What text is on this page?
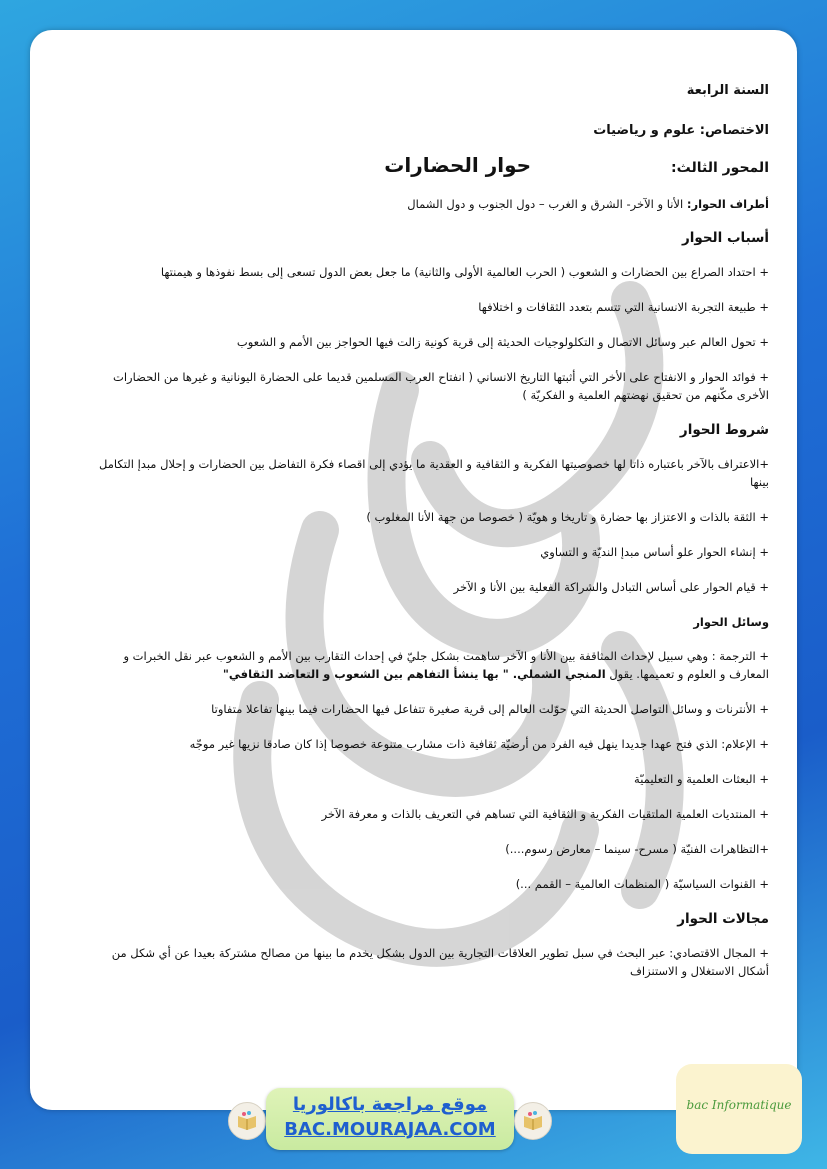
السنة الرابعة

الاختصاص: علوم و رياضيات

المحور الثالث:
حوار الحضارات

أطراف الحوار: الأنا و الآخر- الشرق و الغرب – دول الجنوب و دول الشمال

أسباب الحوار

+ احتداد الصراع بين الحضارات و الشعوب ( الحرب العالمية الأولى والثانية) ما جعل بعض الدول تسعى إلى بسط نفوذها و هيمنتها

+ طبيعة التجربة الانسانية التي تتسم بتعدد الثقافات و اختلافها

+ تحول العالم عبر وسائل الاتصال و التكلولوجيات الحديثة إلى قرية كونية زالت فيها الحواجز بين الأمم و الشعوب

+ فوائد الحوار و الانفتاح على الأخر التي أثبتها التاريخ الانساني ( انفتاح العرب المسلمين قديما على الحضارة اليونانية و غيرها من الحضارات الأخرى مكّنهم من تحقيق نهضتهم العلمية و الفكريّة )

شروط الحوار

+الاعتراف بالآخر باعتباره ذاتا لها خصوصيتها الفكرية و الثقافية و العقدية ما يؤدي إلى اقصاء فكرة التفاضل بين الحضارات و إحلال مبدإ التكامل بينها

+ الثقة بالذات و الاعتزاز بها حضارة و تاريخا و هويّة ( خصوصا من جهة الأنا المغلوب )

+ إنشاء الحوار علو أساس مبدإ النديّة و التساوي

+ قيام الحوار على أساس التبادل والشراكة الفعلية بين الأنا و الآخر

وسائل الحوار

+ الترجمة : وهي سبيل لإحداث المثاقفة بين الأنا و الآخر ساهمت بشكل جليّ في إحداث التقارب بين الأمم و الشعوب عبر نقل الخبرات و المعارف و العلوم و تعميمها. يقول المنجي الشملي. " بها ينشأ التفاهم بين الشعوب و التعاضد الثقافي"

+ الأنترنات و وسائل التواصل الحديثة التي حوّلت العالم إلى قرية صغيرة تتفاعل فيها الحضارات فيما بينها تفاعلا متفاوتا

+ الإعلام: الذي فتح عهدا جديدا ينهل فيه الفرد من أرضيّة ثقافية ذات مشارب متنوعة خصوصا إذا كان صادقا نزيها غير موجّه

+ البعثات العلمية و التعليميّة

+ المنتديات العلمية الملتقيات الفكرية و الثقافية التي تساهم في التعريف بالذات و معرفة الآخر

+التظاهرات الفنيّة ( مسرح- سينما – معارض رسوم....)

+ القنوات السياسيّة ( المنظمات العالمية – القمم ...)

مجالات الحوار

+ المجال الاقتصادي: عبر البحث في سبل تطوير العلاقات التجارية بين الدول بشكل يخدم ما بينها من مصالح مشتركة بعيدا عن أي شكل من أشكال الاستغلال و الاستنزاف

موقع مراجعة باكالوريا
BAC.MOURAJAA.COM
bac Informatique
